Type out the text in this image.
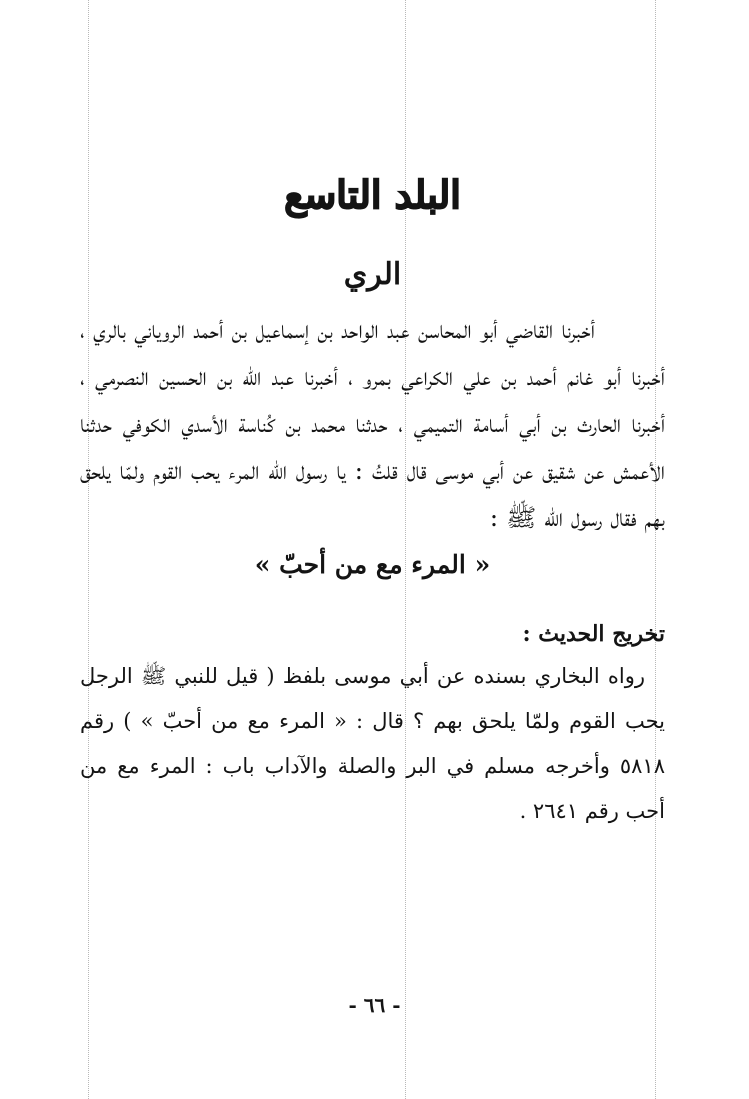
البلد التاسع
الري

أخبرنا القاضي أبو المحاسن عبد الواحد بن إسماعيل بن أحمد الروياني بالري ، أخبرنا أبو غانم أحمد بن علي الكراعي بمرو ، أخبرنا عبد الله بن الحسين النصرمي ، أخبرنا الحارث بن أبي أسامة التميمي ، حدثنا محمد بن كُناسة الأسدي الكوفي حدثنا الأعمش عن شقيق عن أبي موسى قال قلتُ : يا رسول الله المرء يحب القوم ولمّا يلحق بهم فقال رسول الله ﷺ :

« المرء مع من أحبّ »
تخريج الحديث :

رواه البخاري بسنده عن أبي موسى بلفظ ( قيل للنبي ﷺ الرجل يحب القوم ولمّا يلحق بهم ؟ قال : « المرء مع من أحبّ » ) رقم ٥٨١٨ وأخرجه مسلم في البر والصلة والآداب باب : المرء مع من أحب رقم ٢٦٤١ .

- ٦٦ -
